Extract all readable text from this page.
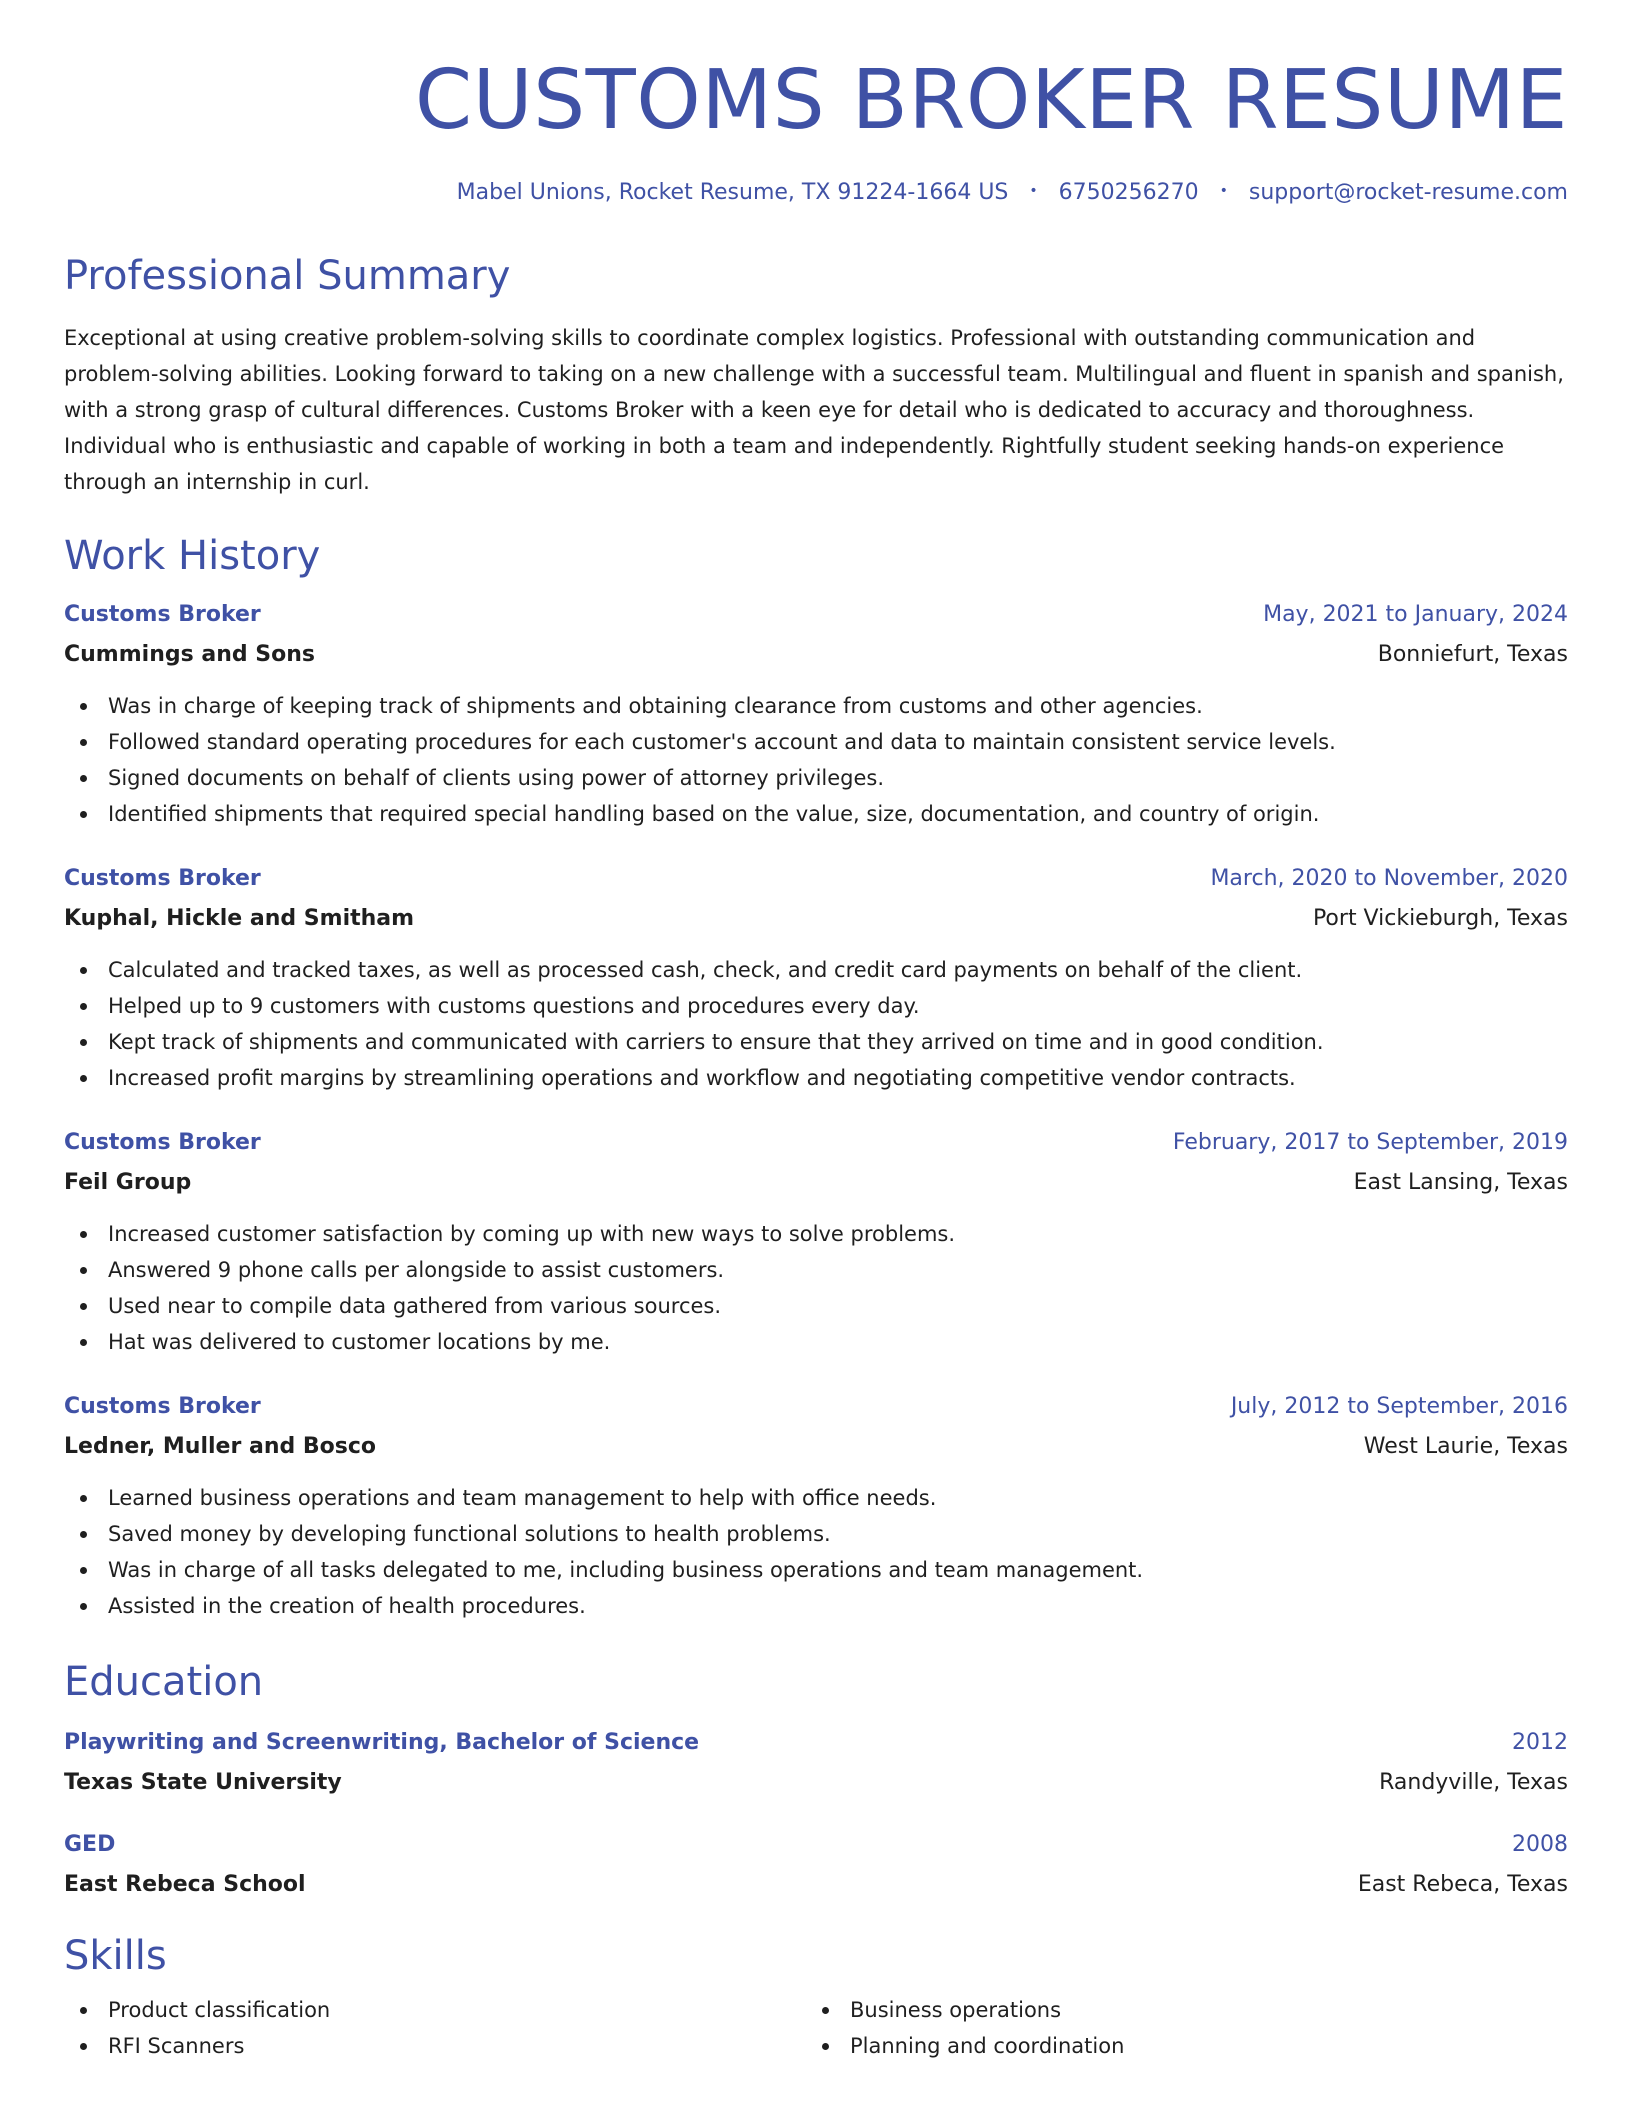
CUSTOMS BROKER RESUME
Mabel Unions, Rocket Resume, TX 91224-1664 US • 6750256270 • support@rocket-resume.com
Professional Summary
Exceptional at using creative problem-solving skills to coordinate complex logistics. Professional with outstanding communication and problem-solving abilities. Looking forward to taking on a new challenge with a successful team. Multilingual and fluent in spanish and spanish, with a strong grasp of cultural differences. Customs Broker with a keen eye for detail who is dedicated to accuracy and thoroughness. Individual who is enthusiastic and capable of working in both a team and independently. Rightfully student seeking hands-on experience through an internship in curl.
Work History
Customs Broker	May, 2021 to January, 2024
Cummings and Sons	Bonniefurt, Texas
Was in charge of keeping track of shipments and obtaining clearance from customs and other agencies.
Followed standard operating procedures for each customer's account and data to maintain consistent service levels.
Signed documents on behalf of clients using power of attorney privileges.
Identified shipments that required special handling based on the value, size, documentation, and country of origin.
Customs Broker	March, 2020 to November, 2020
Kuphal, Hickle and Smitham	Port Vickieburgh, Texas
Calculated and tracked taxes, as well as processed cash, check, and credit card payments on behalf of the client.
Helped up to 9 customers with customs questions and procedures every day.
Kept track of shipments and communicated with carriers to ensure that they arrived on time and in good condition.
Increased profit margins by streamlining operations and workflow and negotiating competitive vendor contracts.
Customs Broker	February, 2017 to September, 2019
Feil Group	East Lansing, Texas
Increased customer satisfaction by coming up with new ways to solve problems.
Answered 9 phone calls per alongside to assist customers.
Used near to compile data gathered from various sources.
Hat was delivered to customer locations by me.
Customs Broker	July, 2012 to September, 2016
Ledner, Muller and Bosco	West Laurie, Texas
Learned business operations and team management to help with office needs.
Saved money by developing functional solutions to health problems.
Was in charge of all tasks delegated to me, including business operations and team management.
Assisted in the creation of health procedures.
Education
Playwriting and Screenwriting, Bachelor of Science	2012
Texas State University	Randyville, Texas
GED	2008
East Rebeca School	East Rebeca, Texas
Skills
Product classification
RFI Scanners
Business operations
Planning and coordination
